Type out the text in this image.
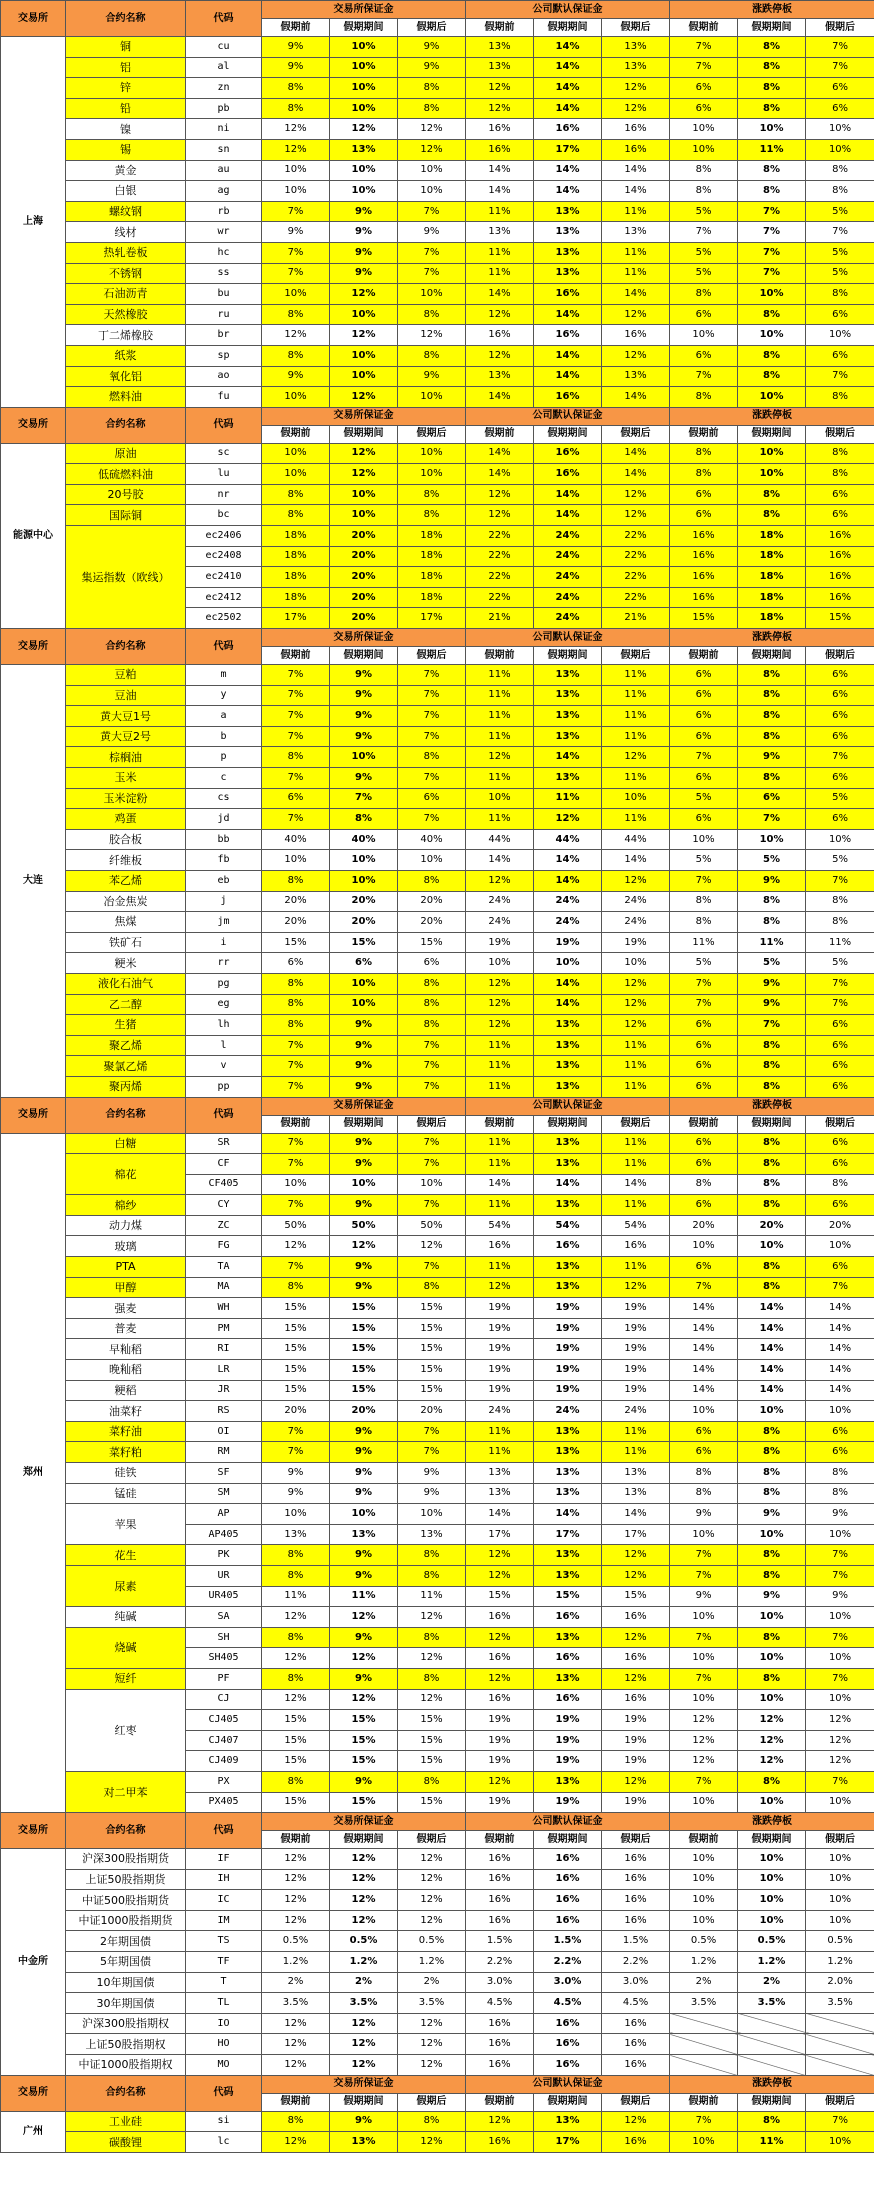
交易所	合约名称	代码	交易所保证金			公司默认保证金			涨跌停板		
			假期前	假期期间	假期后	假期前	假期期间	假期后	假期前	假期期间	假期后
上海	铜	cu	9%	10%	9%	13%	14%	13%	7%	8%	7%
	铝	al	9%	10%	9%	13%	14%	13%	7%	8%	7%
	锌	zn	8%	10%	8%	12%	14%	12%	6%	8%	6%
	铅	pb	8%	10%	8%	12%	14%	12%	6%	8%	6%
	镍	ni	12%	12%	12%	16%	16%	16%	10%	10%	10%
	锡	sn	12%	13%	12%	16%	17%	16%	10%	11%	10%
	黄金	au	10%	10%	10%	14%	14%	14%	8%	8%	8%
	白银	ag	10%	10%	10%	14%	14%	14%	8%	8%	8%
	螺纹钢	rb	7%	9%	7%	11%	13%	11%	5%	7%	5%
	线材	wr	9%	9%	9%	13%	13%	13%	7%	7%	7%
	热轧卷板	hc	7%	9%	7%	11%	13%	11%	5%	7%	5%
	不锈钢	ss	7%	9%	7%	11%	13%	11%	5%	7%	5%
	石油沥青	bu	10%	12%	10%	14%	16%	14%	8%	10%	8%
	天然橡胶	ru	8%	10%	8%	12%	14%	12%	6%	8%	6%
	丁二烯橡胶	br	12%	12%	12%	16%	16%	16%	10%	10%	10%
	纸浆	sp	8%	10%	8%	12%	14%	12%	6%	8%	6%
	氧化铝	ao	9%	10%	9%	13%	14%	13%	7%	8%	7%
	燃料油	fu	10%	12%	10%	14%	16%	14%	8%	10%	8%
交易所	合约名称	代码	交易所保证金			公司默认保证金			涨跌停板		
			假期前	假期期间	假期后	假期前	假期期间	假期后	假期前	假期期间	假期后
能源中心	原油	sc	10%	12%	10%	14%	16%	14%	8%	10%	8%
	低硫燃料油	lu	10%	12%	10%	14%	16%	14%	8%	10%	8%
	20号胶	nr	8%	10%	8%	12%	14%	12%	6%	8%	6%
	国际铜	bc	8%	10%	8%	12%	14%	12%	6%	8%	6%
	集运指数（欧线）	ec2406	18%	20%	18%	22%	24%	22%	16%	18%	16%
		ec2408	18%	20%	18%	22%	24%	22%	16%	18%	16%
		ec2410	18%	20%	18%	22%	24%	22%	16%	18%	16%
		ec2412	18%	20%	18%	22%	24%	22%	16%	18%	16%
		ec2502	17%	20%	17%	21%	24%	21%	15%	18%	15%
交易所	合约名称	代码	交易所保证金			公司默认保证金			涨跌停板		
			假期前	假期期间	假期后	假期前	假期期间	假期后	假期前	假期期间	假期后
大连	豆粕	m	7%	9%	7%	11%	13%	11%	6%	8%	6%
	豆油	y	7%	9%	7%	11%	13%	11%	6%	8%	6%
	黄大豆1号	a	7%	9%	7%	11%	13%	11%	6%	8%	6%
	黄大豆2号	b	7%	9%	7%	11%	13%	11%	6%	8%	6%
	棕榈油	p	8%	10%	8%	12%	14%	12%	7%	9%	7%
	玉米	c	7%	9%	7%	11%	13%	11%	6%	8%	6%
	玉米淀粉	cs	6%	7%	6%	10%	11%	10%	5%	6%	5%
	鸡蛋	jd	7%	8%	7%	11%	12%	11%	6%	7%	6%
	胶合板	bb	40%	40%	40%	44%	44%	44%	10%	10%	10%
	纤维板	fb	10%	10%	10%	14%	14%	14%	5%	5%	5%
	苯乙烯	eb	8%	10%	8%	12%	14%	12%	7%	9%	7%
	冶金焦炭	j	20%	20%	20%	24%	24%	24%	8%	8%	8%
	焦煤	jm	20%	20%	20%	24%	24%	24%	8%	8%	8%
	铁矿石	i	15%	15%	15%	19%	19%	19%	11%	11%	11%
	粳米	rr	6%	6%	6%	10%	10%	10%	5%	5%	5%
	液化石油气	pg	8%	10%	8%	12%	14%	12%	7%	9%	7%
	乙二醇	eg	8%	10%	8%	12%	14%	12%	7%	9%	7%
	生猪	lh	8%	9%	8%	12%	13%	12%	6%	7%	6%
	聚乙烯	l	7%	9%	7%	11%	13%	11%	6%	8%	6%
	聚氯乙烯	v	7%	9%	7%	11%	13%	11%	6%	8%	6%
	聚丙烯	pp	7%	9%	7%	11%	13%	11%	6%	8%	6%
交易所	合约名称	代码	交易所保证金			公司默认保证金			涨跌停板		
			假期前	假期期间	假期后	假期前	假期期间	假期后	假期前	假期期间	假期后
郑州	白糖	SR	7%	9%	7%	11%	13%	11%	6%	8%	6%
	棉花	CF	7%	9%	7%	11%	13%	11%	6%	8%	6%
		CF405	10%	10%	10%	14%	14%	14%	8%	8%	8%
	棉纱	CY	7%	9%	7%	11%	13%	11%	6%	8%	6%
	动力煤	ZC	50%	50%	50%	54%	54%	54%	20%	20%	20%
	玻璃	FG	12%	12%	12%	16%	16%	16%	10%	10%	10%
	PTA	TA	7%	9%	7%	11%	13%	11%	6%	8%	6%
	甲醇	MA	8%	9%	8%	12%	13%	12%	7%	8%	7%
	强麦	WH	15%	15%	15%	19%	19%	19%	14%	14%	14%
	普麦	PM	15%	15%	15%	19%	19%	19%	14%	14%	14%
	早籼稻	RI	15%	15%	15%	19%	19%	19%	14%	14%	14%
	晚籼稻	LR	15%	15%	15%	19%	19%	19%	14%	14%	14%
	粳稻	JR	15%	15%	15%	19%	19%	19%	14%	14%	14%
	油菜籽	RS	20%	20%	20%	24%	24%	24%	10%	10%	10%
	菜籽油	OI	7%	9%	7%	11%	13%	11%	6%	8%	6%
	菜籽粕	RM	7%	9%	7%	11%	13%	11%	6%	8%	6%
	硅铁	SF	9%	9%	9%	13%	13%	13%	8%	8%	8%
	锰硅	SM	9%	9%	9%	13%	13%	13%	8%	8%	8%
	苹果	AP	10%	10%	10%	14%	14%	14%	9%	9%	9%
		AP405	13%	13%	13%	17%	17%	17%	10%	10%	10%
	花生	PK	8%	9%	8%	12%	13%	12%	7%	8%	7%
	尿素	UR	8%	9%	8%	12%	13%	12%	7%	8%	7%
		UR405	11%	11%	11%	15%	15%	15%	9%	9%	9%
	纯碱	SA	12%	12%	12%	16%	16%	16%	10%	10%	10%
	烧碱	SH	8%	9%	8%	12%	13%	12%	7%	8%	7%
		SH405	12%	12%	12%	16%	16%	16%	10%	10%	10%
	短纤	PF	8%	9%	8%	12%	13%	12%	7%	8%	7%
	红枣	CJ	12%	12%	12%	16%	16%	16%	10%	10%	10%
		CJ405	15%	15%	15%	19%	19%	19%	12%	12%	12%
		CJ407	15%	15%	15%	19%	19%	19%	12%	12%	12%
		CJ409	15%	15%	15%	19%	19%	19%	12%	12%	12%
	对二甲苯	PX	8%	9%	8%	12%	13%	12%	7%	8%	7%
		PX405	15%	15%	15%	19%	19%	19%	10%	10%	10%
交易所	合约名称	代码	交易所保证金			公司默认保证金			涨跌停板		
			假期前	假期期间	假期后	假期前	假期期间	假期后	假期前	假期期间	假期后
中金所	沪深300股指期货	IF	12%	12%	12%	16%	16%	16%	10%	10%	10%
	上证50股指期货	IH	12%	12%	12%	16%	16%	16%	10%	10%	10%
	中证500股指期货	IC	12%	12%	12%	16%	16%	16%	10%	10%	10%
	中证1000股指期货	IM	12%	12%	12%	16%	16%	16%	10%	10%	10%
	2年期国债	TS	0.5%	0.5%	0.5%	1.5%	1.5%	1.5%	0.5%	0.5%	0.5%
	5年期国债	TF	1.2%	1.2%	1.2%	2.2%	2.2%	2.2%	1.2%	1.2%	1.2%
	10年期国债	T	2%	2%	2%	3.0%	3.0%	3.0%	2%	2%	2.0%
	30年期国债	TL	3.5%	3.5%	3.5%	4.5%	4.5%	4.5%	3.5%	3.5%	3.5%
	沪深300股指期权	IO	12%	12%	12%	16%	16%	16%			
	上证50股指期权	HO	12%	12%	12%	16%	16%	16%			
	中证1000股指期权	MO	12%	12%	12%	16%	16%	16%			
交易所	合约名称	代码	交易所保证金			公司默认保证金			涨跌停板		
			假期前	假期期间	假期后	假期前	假期期间	假期后	假期前	假期期间	假期后
广州	工业硅	si	8%	9%	8%	12%	13%	12%	7%	8%	7%
	碳酸锂	lc	12%	13%	12%	16%	17%	16%	10%	11%	10%
